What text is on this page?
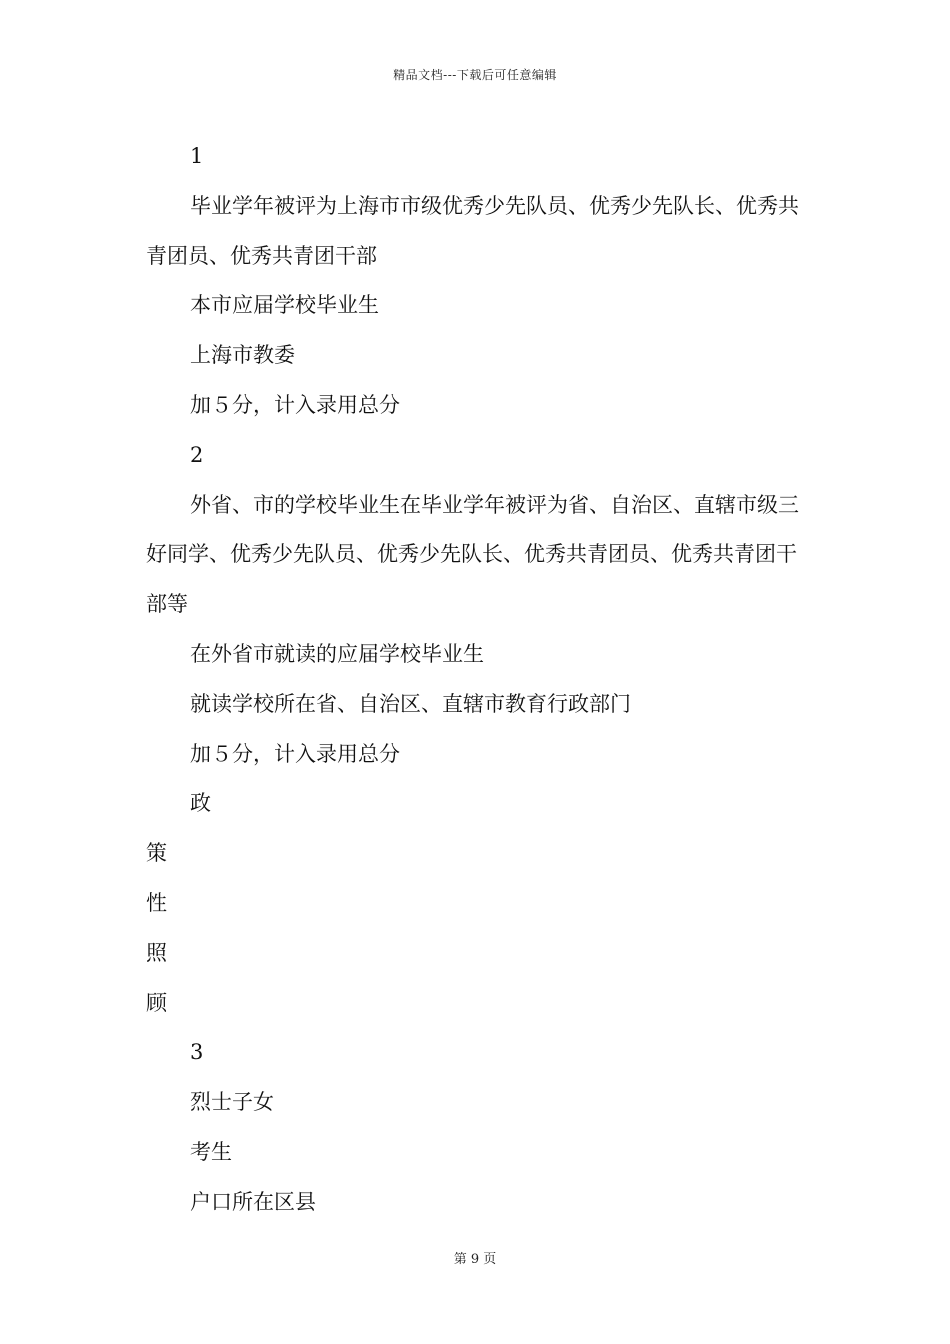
精品文档---下载后可任意编辑

1

毕业学年被评为上海市市级优秀少先队员、优秀少先队长、优秀共青团员、优秀共青团干部

本市应届学校毕业生

上海市教委

加５分，计入录用总分

2

外省、市的学校毕业生在毕业学年被评为省、自治区、直辖市级三好同学、优秀少先队员、优秀少先队长、优秀共青团员、优秀共青团干部等

在外省市就读的应届学校毕业生

就读学校所在省、自治区、直辖市教育行政部门

加５分，计入录用总分

政

策

性

照

顾

3

烈士子女

考生

户口所在区县

第 9 页
